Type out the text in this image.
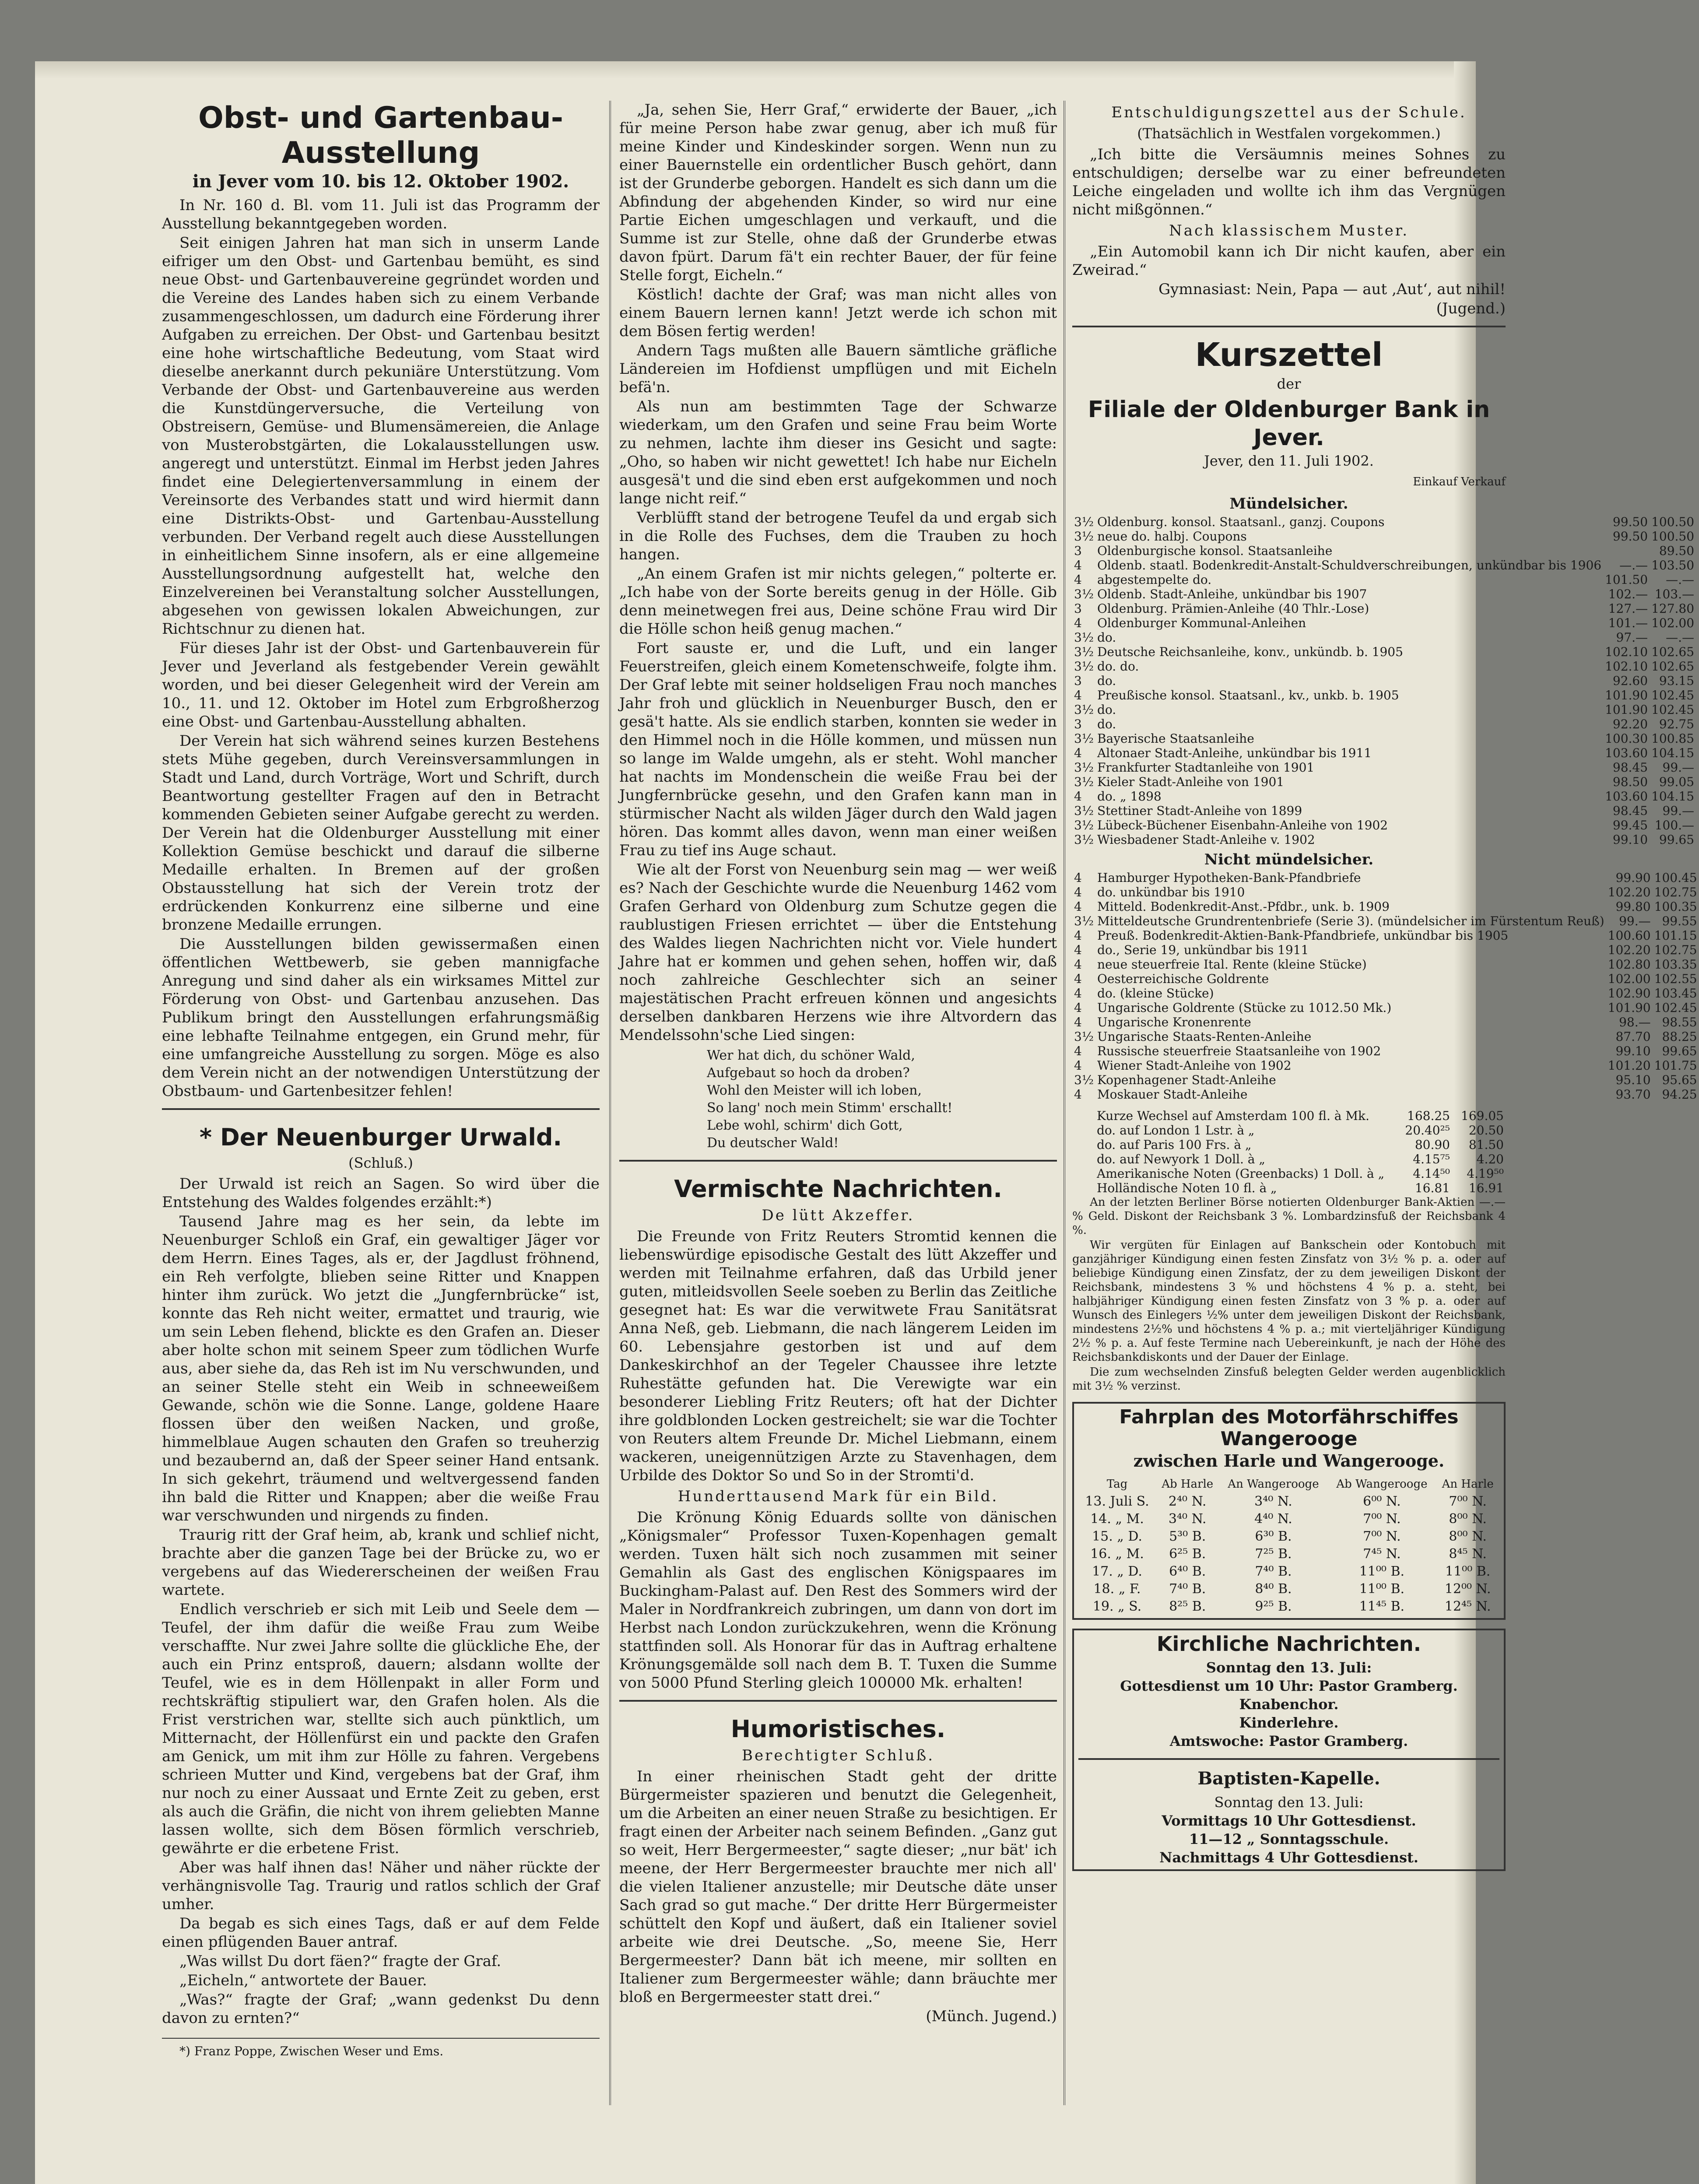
Obst- und Gartenbau-Ausstellung
in Jever vom 10. bis 12. Oktober 1902.

In Nr. 160 d. Bl. vom 11. Juli ist das Programm der Ausstellung bekanntgegeben worden.

Seit einigen Jahren hat man sich in unserm Lande eifriger um den Obst- und Gartenbau bemüht, es sind neue Obst- und Gartenbauvereine gegründet worden und die Vereine des Landes haben sich zu einem Verbande zusammengeschlossen, um dadurch eine Förderung ihrer Aufgaben zu erreichen. Der Obst- und Gartenbau besitzt eine hohe wirtschaftliche Bedeutung, vom Staat wird dieselbe anerkannt durch pekuniäre Unterstützung. Vom Verbande der Obst- und Gartenbauvereine aus werden die Kunstdüngerversuche, die Verteilung von Obstreisern, Gemüse- und Blumensämereien, die Anlage von Musterobstgärten, die Lokalausstellungen usw. angeregt und unterstützt. Einmal im Herbst jeden Jahres findet eine Delegiertenversammlung in einem der Vereinsorte des Verbandes statt und wird hiermit dann eine Distrikts-Obst- und Gartenbau-Ausstellung verbunden. Der Verband regelt auch diese Ausstellungen in einheitlichem Sinne insofern, als er eine allgemeine Ausstellungsordnung aufgestellt hat, welche den Einzelvereinen bei Veranstaltung solcher Ausstellungen, abgesehen von gewissen lokalen Abweichungen, zur Richtschnur zu dienen hat.

Für dieses Jahr ist der Obst- und Gartenbauverein für Jever und Jeverland als festgebender Verein gewählt worden, und bei dieser Gelegenheit wird der Verein am 10., 11. und 12. Oktober im Hotel zum Erbgroßherzog eine Obst- und Gartenbau-Ausstellung abhalten.

Der Verein hat sich während seines kurzen Bestehens stets Mühe gegeben, durch Vereinsversammlungen in Stadt und Land, durch Vorträge, Wort und Schrift, durch Beantwortung gestellter Fragen auf den in Betracht kommenden Gebieten seiner Aufgabe gerecht zu werden. Der Verein hat die Oldenburger Ausstellung mit einer Kollektion Gemüse beschickt und darauf die silberne Medaille erhalten. In Bremen auf der großen Obstausstellung hat sich der Verein trotz der erdrückenden Konkurrenz eine silberne und eine bronzene Medaille errungen.

Die Ausstellungen bilden gewissermaßen einen öffentlichen Wettbewerb, sie geben mannigfache Anregung und sind daher als ein wirksames Mittel zur Förderung von Obst- und Gartenbau anzusehen. Das Publikum bringt den Ausstellungen erfahrungsmäßig eine lebhafte Teilnahme entgegen, ein Grund mehr, für eine umfangreiche Ausstellung zu sorgen. Möge es also dem Verein nicht an der notwendigen Unterstützung der Obstbaum- und Gartenbesitzer fehlen!

* Der Neuenburger Urwald.
(Schluß.)

Der Urwald ist reich an Sagen. So wird über die Entstehung des Waldes folgendes erzählt:*)

Tausend Jahre mag es her sein, da lebte im Neuenburger Schloß ein Graf, ein gewaltiger Jäger vor dem Herrn. Eines Tages, als er, der Jagdlust fröhnend, ein Reh verfolgte, blieben seine Ritter und Knappen hinter ihm zurück. Wo jetzt die „Jungfernbrücke“ ist, konnte das Reh nicht weiter, ermattet und traurig, wie um sein Leben flehend, blickte es den Grafen an. Dieser aber holte schon mit seinem Speer zum tödlichen Wurfe aus, aber siehe da, das Reh ist im Nu verschwunden, und an seiner Stelle steht ein Weib in schneeweißem Gewande, schön wie die Sonne. Lange, goldene Haare flossen über den weißen Nacken, und große, himmelblaue Augen schauten den Grafen so treuherzig und bezaubernd an, daß der Speer seiner Hand entsank. In sich gekehrt, träumend und weltvergessend fanden ihn bald die Ritter und Knappen; aber die weiße Frau war verschwunden und nirgends zu finden.

Traurig ritt der Graf heim, ab, krank und schlief nicht, brachte aber die ganzen Tage bei der Brücke zu, wo er vergebens auf das Wiedererscheinen der weißen Frau wartete.

Endlich verschrieb er sich mit Leib und Seele dem — Teufel, der ihm dafür die weiße Frau zum Weibe verschaffte. Nur zwei Jahre sollte die glückliche Ehe, der auch ein Prinz entsproß, dauern; alsdann wollte der Teufel, wie es in dem Höllenpakt in aller Form und rechtskräftig stipuliert war, den Grafen holen. Als die Frist verstrichen war, stellte sich auch pünktlich, um Mitternacht, der Höllenfürst ein und packte den Grafen am Genick, um mit ihm zur Hölle zu fahren. Vergebens schrieen Mutter und Kind, vergebens bat der Graf, ihm nur noch zu einer Aussaat und Ernte Zeit zu geben, erst als auch die Gräfin, die nicht von ihrem geliebten Manne lassen wollte, sich dem Bösen förmlich verschrieb, gewährte er die erbetene Frist.

Aber was half ihnen das! Näher und näher rückte der verhängnisvolle Tag. Traurig und ratlos schlich der Graf umher.

Da begab es sich eines Tags, daß er auf dem Felde einen pflügenden Bauer antraf.

„Was willst Du dort fäen?“ fragte der Graf.

„Eicheln,“ antwortete der Bauer.

„Was?“ fragte der Graf; „wann gedenkst Du denn davon zu ernten?“

*) Franz Poppe, Zwischen Weser und Ems.

„Ja, sehen Sie, Herr Graf,“ erwiderte der Bauer, „ich für meine Person habe zwar genug, aber ich muß für meine Kinder und Kindeskinder sorgen. Wenn nun zu einer Bauernstelle ein ordentlicher Busch gehört, dann ist der Grunderbe geborgen. Handelt es sich dann um die Abfindung der abgehenden Kinder, so wird nur eine Partie Eichen umgeschlagen und verkauft, und die Summe ist zur Stelle, ohne daß der Grunderbe etwas davon fpürt. Darum fä't ein rechter Bauer, der für feine Stelle forgt, Eicheln.“

Köstlich! dachte der Graf; was man nicht alles von einem Bauern lernen kann! Jetzt werde ich schon mit dem Bösen fertig werden!

Andern Tags mußten alle Bauern sämtliche gräfliche Ländereien im Hofdienst umpflügen und mit Eicheln befä'n.

Als nun am bestimmten Tage der Schwarze wiederkam, um den Grafen und seine Frau beim Worte zu nehmen, lachte ihm dieser ins Gesicht und sagte: „Oho, so haben wir nicht gewettet! Ich habe nur Eicheln ausgesä't und die sind eben erst aufgekommen und noch lange nicht reif.“

Verblüfft stand der betrogene Teufel da und ergab sich in die Rolle des Fuchses, dem die Trauben zu hoch hangen.

„An einem Grafen ist mir nichts gelegen,“ polterte er. „Ich habe von der Sorte bereits genug in der Hölle. Gib denn meinetwegen frei aus, Deine schöne Frau wird Dir die Hölle schon heiß genug machen.“

Fort sauste er, und die Luft, und ein langer Feuerstreifen, gleich einem Kometenschweife, folgte ihm. Der Graf lebte mit seiner holdseligen Frau noch manches Jahr froh und glücklich in Neuenburger Busch, den er gesä't hatte. Als sie endlich starben, konnten sie weder in den Himmel noch in die Hölle kommen, und müssen nun so lange im Walde umgehn, als er steht. Wohl mancher hat nachts im Mondenschein die weiße Frau bei der Jungfernbrücke gesehn, und den Grafen kann man in stürmischer Nacht als wilden Jäger durch den Wald jagen hören. Das kommt alles davon, wenn man einer weißen Frau zu tief ins Auge schaut.

Wie alt der Forst von Neuenburg sein mag — wer weiß es? Nach der Geschichte wurde die Neuenburg 1462 vom Grafen Gerhard von Oldenburg zum Schutze gegen die raublustigen Friesen errichtet — über die Entstehung des Waldes liegen Nachrichten nicht vor. Viele hundert Jahre hat er kommen und gehen sehen, hoffen wir, daß noch zahlreiche Geschlechter sich an seiner majestätischen Pracht erfreuen können und angesichts derselben dankbaren Herzens wie ihre Altvordern das Mendelssohn'sche Lied singen:

Wer hat dich, du schöner Wald,
Aufgebaut so hoch da droben?
Wohl den Meister will ich loben,
So lang' noch mein Stimm' erschallt!
Lebe wohl, schirm' dich Gott,
Du deutscher Wald!
Vermischte Nachrichten.
De lütt Akzeffer.

Die Freunde von Fritz Reuters Stromtid kennen die liebenswürdige episodische Gestalt des lütt Akzeffer und werden mit Teilnahme erfahren, daß das Urbild jener guten, mitleidsvollen Seele soeben zu Berlin das Zeitliche gesegnet hat: Es war die verwitwete Frau Sanitätsrat Anna Neß, geb. Liebmann, die nach längerem Leiden im 60. Lebensjahre gestorben ist und auf dem Dankeskirchhof an der Tegeler Chaussee ihre letzte Ruhestätte gefunden hat. Die Verewigte war ein besonderer Liebling Fritz Reuters; oft hat der Dichter ihre goldblonden Locken gestreichelt; sie war die Tochter von Reuters altem Freunde Dr. Michel Liebmann, einem wackeren, uneigennützigen Arzte zu Stavenhagen, dem Urbilde des Doktor So und So in der Stromti'd.

Hunderttausend Mark für ein Bild.

Die Krönung König Eduards sollte von dänischen „Königsmaler“ Professor Tuxen-Kopenhagen gemalt werden. Tuxen hält sich noch zusammen mit seiner Gemahlin als Gast des englischen Königspaares im Buckingham-Palast auf. Den Rest des Sommers wird der Maler in Nordfrankreich zubringen, um dann von dort im Herbst nach London zurückzukehren, wenn die Krönung stattfinden soll. Als Honorar für das in Auftrag erhaltene Krönungsgemälde soll nach dem B. T. Tuxen die Summe von 5000 Pfund Sterling gleich 100000 Mk. erhalten!

Humoristisches.
Berechtigter Schluß.

In einer rheinischen Stadt geht der dritte Bürgermeister spazieren und benutzt die Gelegenheit, um die Arbeiten an einer neuen Straße zu besichtigen. Er fragt einen der Arbeiter nach seinem Befinden. „Ganz gut so weit, Herr Bergermeester,“ sagte dieser; „nur bät' ich meene, der Herr Bergermeester brauchte mer nich all' die vielen Italiener anzustelle; mir Deutsche däte unser Sach grad so gut mache.“ Der dritte Herr Bürgermeister schüttelt den Kopf und äußert, daß ein Italiener soviel arbeite wie drei Deutsche. „So, meene Sie, Herr Bergermeester? Dann bät ich meene, mir sollten en Italiener zum Bergermeester wähle; dann bräuchte mer bloß en Bergermeester statt drei.“

(Münch. Jugend.)

Entschuldigungszettel aus der Schule.
(Thatsächlich in Westfalen vorgekommen.)

„Ich bitte die Versäumnis meines Sohnes zu entschuldigen; derselbe war zu einer befreundeten Leiche eingeladen und wollte ich ihm das Vergnügen nicht mißgönnen.“

Nach klassischem Muster.

„Ein Automobil kann ich Dir nicht kaufen, aber ein Zweirad.“

Gymnasiast: Nein, Papa — aut ‚Aut‘, aut nihil!

(Jugend.)

Kurszettel
der
Filiale der Oldenburger Bank in Jever.
Jever, den 11. Juli 1902.
Einkauf Verkauf
Mündelsicher.
3½	Oldenburg. konsol. Staatsanl., ganzj. Coupons	99.50	100.50
3½	neue do. halbj. Coupons	99.50	100.50
3	Oldenburgische konsol. Staatsanleihe		89.50
4	Oldenb. staatl. Bodenkredit-Anstalt-Schuldverschreibungen, unkündbar bis 1906	—.—	103.50
4	abgestempelte do.	101.50	—.—
3½	Oldenb. Stadt-Anleihe, unkündbar bis 1907	102.—	103.—
3	Oldenburg. Prämien-Anleihe (40 Thlr.-Lose)	127.—	127.80
4	Oldenburger Kommunal-Anleihen	101.—	102.00
3½	do.	97.—	—.—
3½	Deutsche Reichsanleihe, konv., unkündb. b. 1905	102.10	102.65
3½	do. do.	102.10	102.65
3	do.	92.60	93.15
4	Preußische konsol. Staatsanl., kv., unkb. b. 1905	101.90	102.45
3½	do.	101.90	102.45
3	do.	92.20	92.75
3½	Bayerische Staatsanleihe	100.30	100.85
4	Altonaer Stadt-Anleihe, unkündbar bis 1911	103.60	104.15
3½	Frankfurter Stadtanleihe von 1901	98.45	99.—
3½	Kieler Stadt-Anleihe von 1901	98.50	99.05
4	do. „ 1898	103.60	104.15
3½	Stettiner Stadt-Anleihe von 1899	98.45	99.—
3½	Lübeck-Büchener Eisenbahn-Anleihe von 1902	99.45	100.—
3½	Wiesbadener Stadt-Anleihe v. 1902	99.10	99.65
Nicht mündelsicher.
4	Hamburger Hypotheken-Bank-Pfandbriefe	99.90	100.45
4	do. unkündbar bis 1910	102.20	102.75
4	Mitteld. Bodenkredit-Anst.-Pfdbr., unk. b. 1909	99.80	100.35
3½	Mitteldeutsche Grundrentenbriefe (Serie 3). (mündelsicher im Fürstentum Reuß)	99.—	99.55
4	Preuß. Bodenkredit-Aktien-Bank-Pfandbriefe, unkündbar bis 1905	100.60	101.15
4	do., Serie 19, unkündbar bis 1911	102.20	102.75
4	neue steuerfreie Ital. Rente (kleine Stücke)	102.80	103.35
4	Oesterreichische Goldrente	102.00	102.55
4	do. (kleine Stücke)	102.90	103.45
4	Ungarische Goldrente (Stücke zu 1012.50 Mk.)	101.90	102.45
4	Ungarische Kronenrente	98.—	98.55
3½	Ungarische Staats-Renten-Anleihe	87.70	88.25
4	Russische steuerfreie Staatsanleihe von 1902	99.10	99.65
4	Wiener Stadt-Anleihe von 1902	101.20	101.75
3½	Kopenhagener Stadt-Anleihe	95.10	95.65
4	Moskauer Stadt-Anleihe	93.70	94.25
	Kurze Wechsel auf Amsterdam 100 fl. à Mk.	168.25	169.05
	do. auf London 1 Lstr. à „	20.40²⁵	20.50
	do. auf Paris 100 Frs. à „	80.90	81.50
	do. auf Newyork 1 Doll. à „	4.15⁷⁵	4.20
	Amerikanische Noten (Greenbacks) 1 Doll. à „	4.14⁵⁰	4.19⁵⁰
	Holländische Noten 10 fl. à „	16.81	16.91

An der letzten Berliner Börse notierten Oldenburger Bank-Aktien —.— % Geld. Diskont der Reichsbank 3 %. Lombardzinsfuß der Reichsbank 4 %.

Wir vergüten für Einlagen auf Bankschein oder Kontobuch mit ganzjähriger Kündigung einen festen Zinsfatz von 3½ % p. a. oder auf beliebige Kündigung einen Zinsfatz, der zu dem jeweiligen Diskont der Reichsbank, mindestens 3 % und höchstens 4 % p. a. steht, bei halbjähriger Kündigung einen festen Zinsfatz von 3 % p. a. oder auf Wunsch des Einlegers ½% unter dem jeweiligen Diskont der Reichsbank, mindestens 2½% und höchstens 4 % p. a.; mit vierteljähriger Kündigung 2½ % p. a. Auf feste Termine nach Uebereinkunft, je nach der Höhe des Reichsbankdiskonts und der Dauer der Einlage.

Die zum wechselnden Zinsfuß belegten Gelder werden augenblicklich mit 3½ % verzinst.

Fahrplan des Motorfährschiffes Wangerooge
zwischen Harle und Wangerooge.
Tag	Ab Harle	An Wangerooge	Ab Wangerooge	An Harle
13. Juli S.	2⁴⁰ N.	3⁴⁰ N.	6⁰⁰ N.	7⁰⁰ N.
14. „ M.	3⁴⁰ N.	4⁴⁰ N.	7⁰⁰ N.	8⁰⁰ N.
15. „ D.	5³⁰ B.	6³⁰ B.	7⁰⁰ N.	8⁰⁰ N.
16. „ M.	6²⁵ B.	7²⁵ B.	7⁴⁵ N.	8⁴⁵ N.
17. „ D.	6⁴⁰ B.	7⁴⁰ B.	11⁰⁰ B.	11⁰⁰ B.
18. „ F.	7⁴⁰ B.	8⁴⁰ B.	11⁰⁰ B.	12⁰⁰ N.
19. „ S.	8²⁵ B.	9²⁵ B.	11⁴⁵ B.	12⁴⁵ N.
Kirchliche Nachrichten.
Sonntag den 13. Juli:
Gottesdienst um 10 Uhr: Pastor Gramberg.
Knabenchor.
Kinderlehre.
Amtswoche: Pastor Gramberg.
Baptisten-Kapelle.
Sonntag den 13. Juli:
Vormittags 10 Uhr Gottesdienst.
11—12 „ Sonntagsschule.
Nachmittags 4 Uhr Gottesdienst.
